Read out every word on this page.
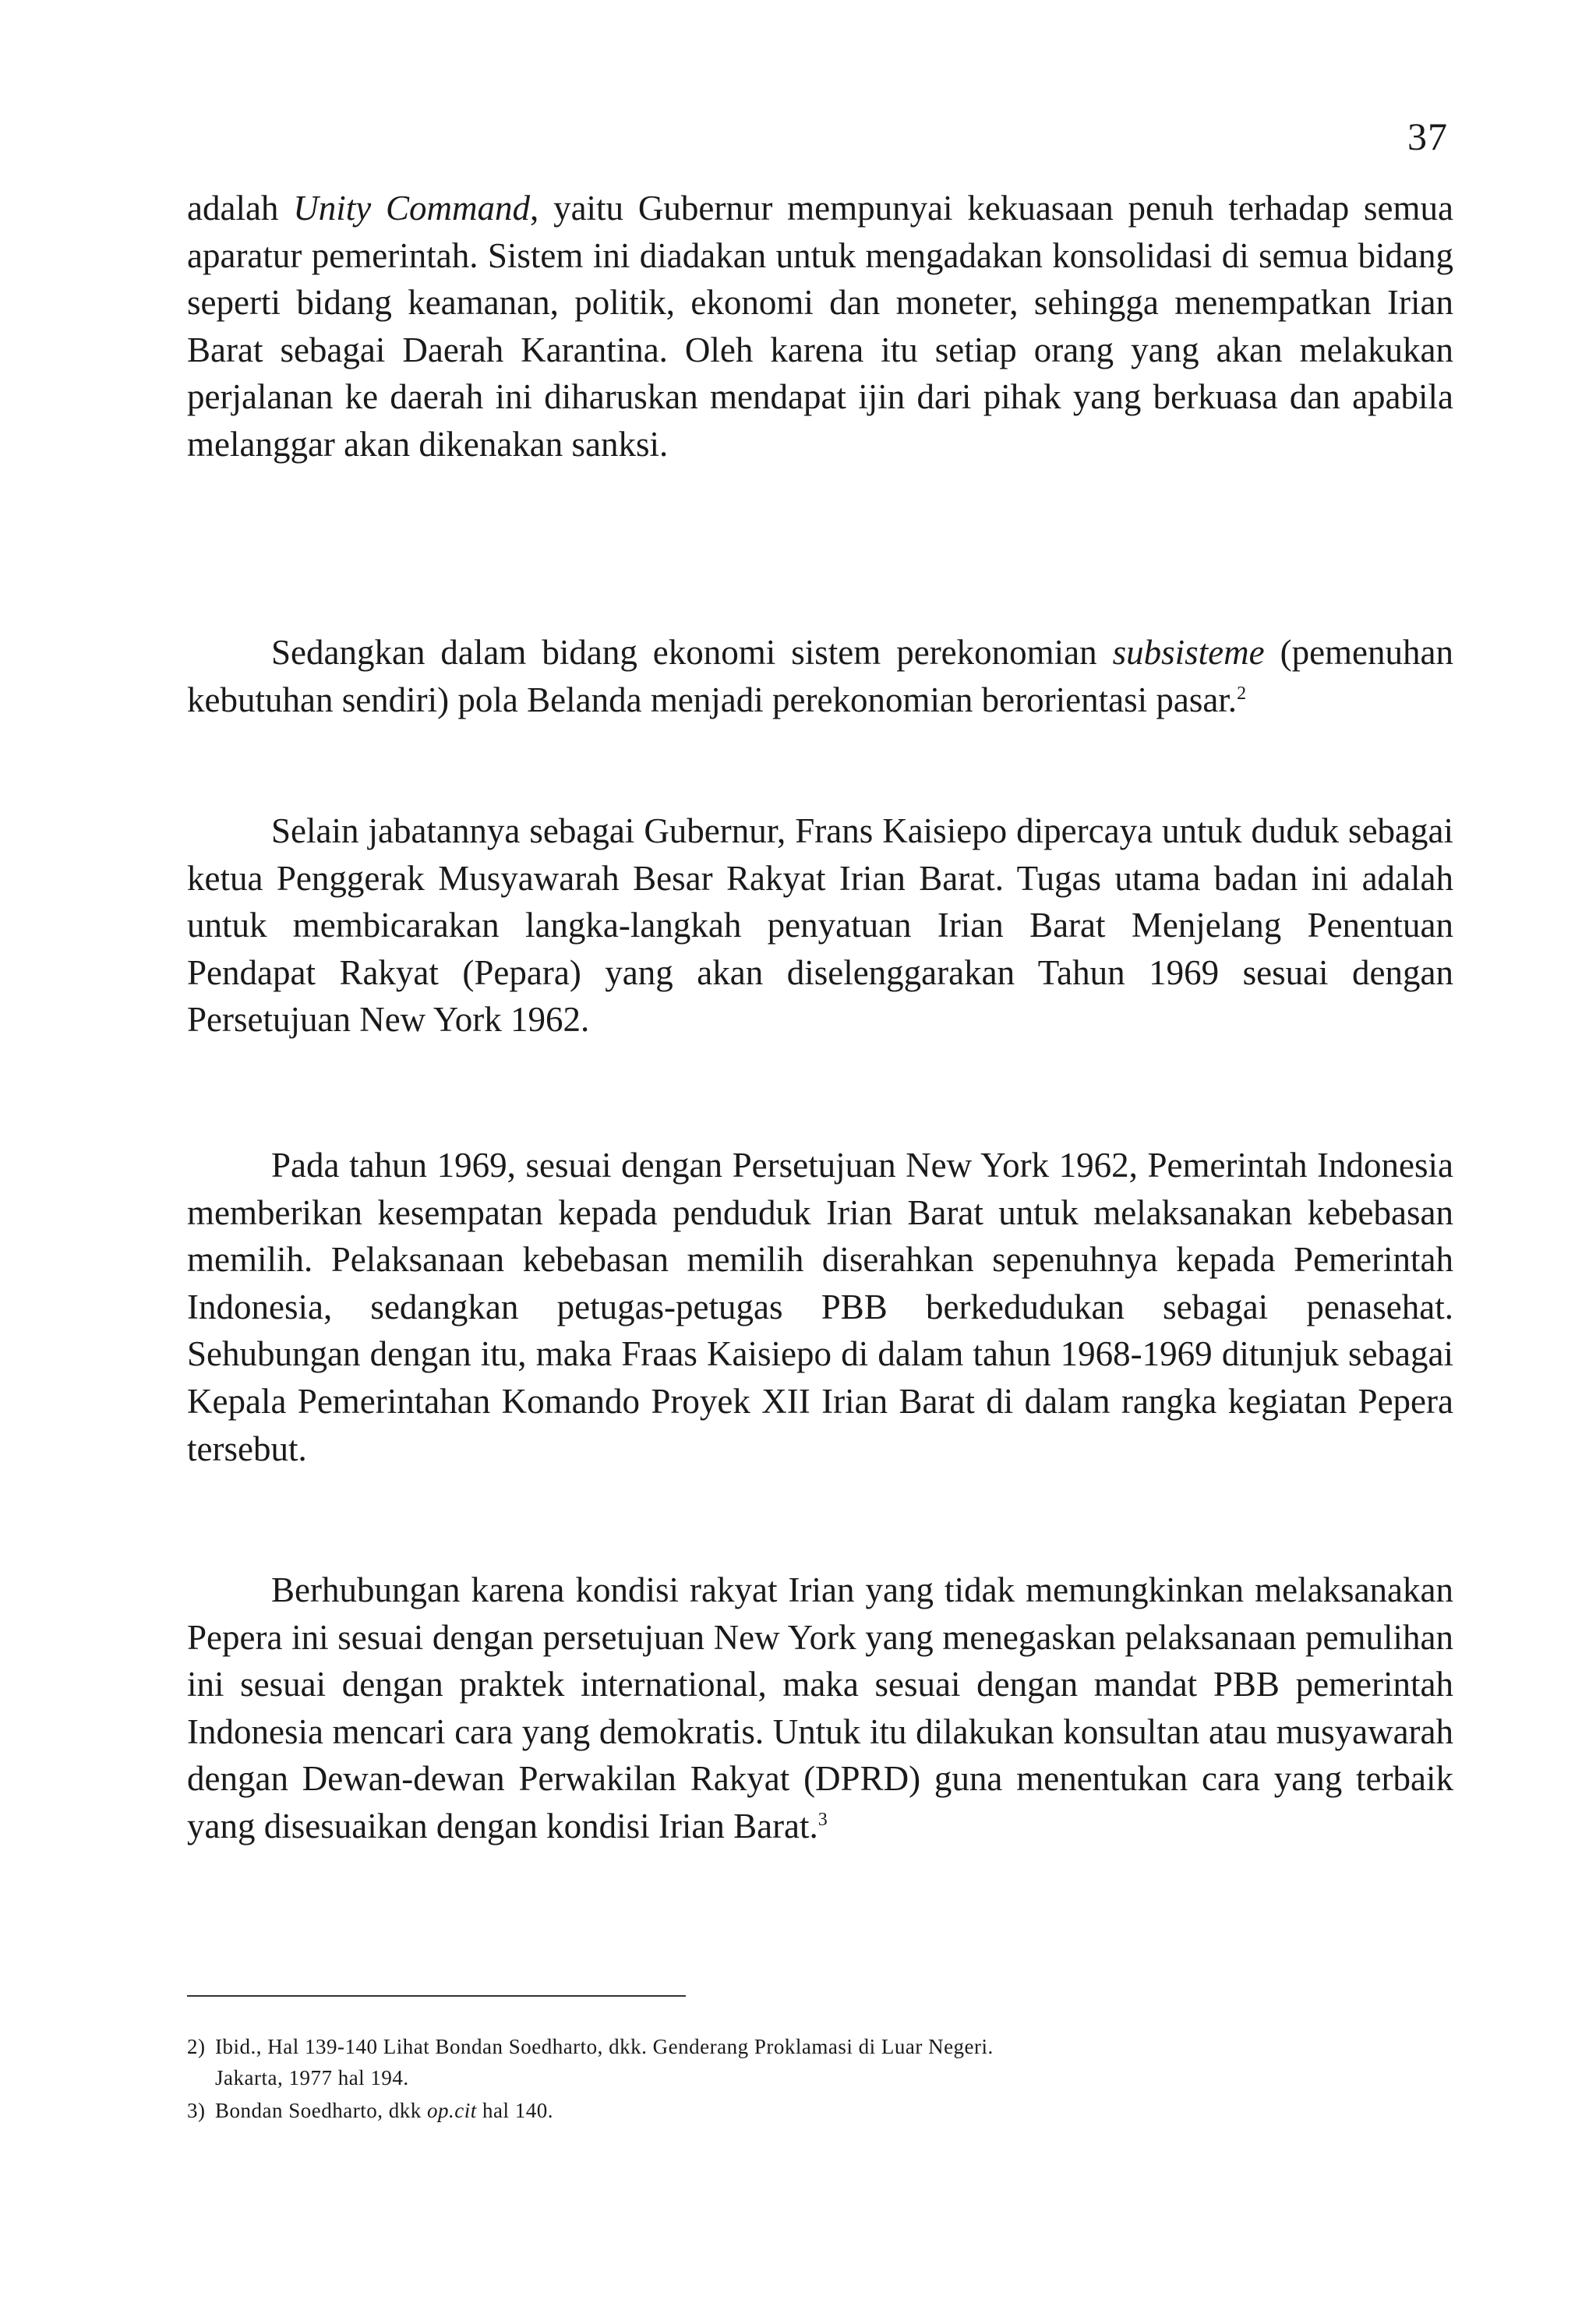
37

adalah Unity Command, yaitu Gubernur mempunyai kekuasaan penuh terhadap semua aparatur pemerintah. Sistem ini diadakan untuk mengadakan konsolidasi di semua bidang seperti bidang keamanan, politik, ekonomi dan moneter, sehingga menempatkan Irian Barat sebagai Daerah Karantina. Oleh karena itu setiap orang yang akan melakukan perjalanan ke daerah ini diharuskan mendapat ijin dari pihak yang berkuasa dan apabila melanggar akan dikenakan sanksi.

Sedangkan dalam bidang ekonomi sistem perekonomian subsisteme (pemenuhan kebutuhan sendiri) pola Belanda menjadi perekonomian berorientasi pasar.$^2$

Selain jabatannya sebagai Gubernur, Frans Kaisiepo dipercaya untuk duduk sebagai ketua Penggerak Musyawarah Besar Rakyat Irian Barat. Tugas utama badan ini adalah untuk membicarakan langka-langkah penyatuan Irian Barat Menjelang Penentuan Pendapat Rakyat (Pepara) yang akan diselenggarakan Tahun 1969 sesuai dengan Persetujuan New York 1962.

Pada tahun 1969, sesuai dengan Persetujuan New York 1962, Pemerintah Indonesia memberikan kesempatan kepada penduduk Irian Barat untuk melaksanakan kebebasan memilih. Pelaksanaan kebebasan memilih diserahkan sepenuhnya kepada Pemerintah Indonesia, sedangkan petugas-petugas PBB berkedudukan sebagai penasehat. Sehubungan dengan itu, maka Fraas Kaisiepo di dalam tahun 1968-1969 ditunjuk sebagai Kepala Pemerintahan Komando Proyek XII Irian Barat di dalam rangka kegiatan Pepera tersebut.

Berhubungan karena kondisi rakyat Irian yang tidak memungkinkan melaksanakan Pepera ini sesuai dengan persetujuan New York yang menegaskan pelaksanaan pemulihan ini sesuai dengan praktek international, maka sesuai dengan mandat PBB pemerintah Indonesia mencari cara yang demokratis. Untuk itu dilakukan konsultan atau musyawarah dengan Dewan-dewan Perwakilan Rakyat (DPRD) guna menentukan cara yang terbaik yang disesuaikan dengan kondisi Irian Barat.$^3$

2) Ibid., Hal 139-140 Lihat Bondan Soedharto, dkk. Genderang Proklamasi di Luar Negeri.
Jakarta, 1977 hal 194.

3) Bondan Soedharto, dkk op.cit hal 140.
